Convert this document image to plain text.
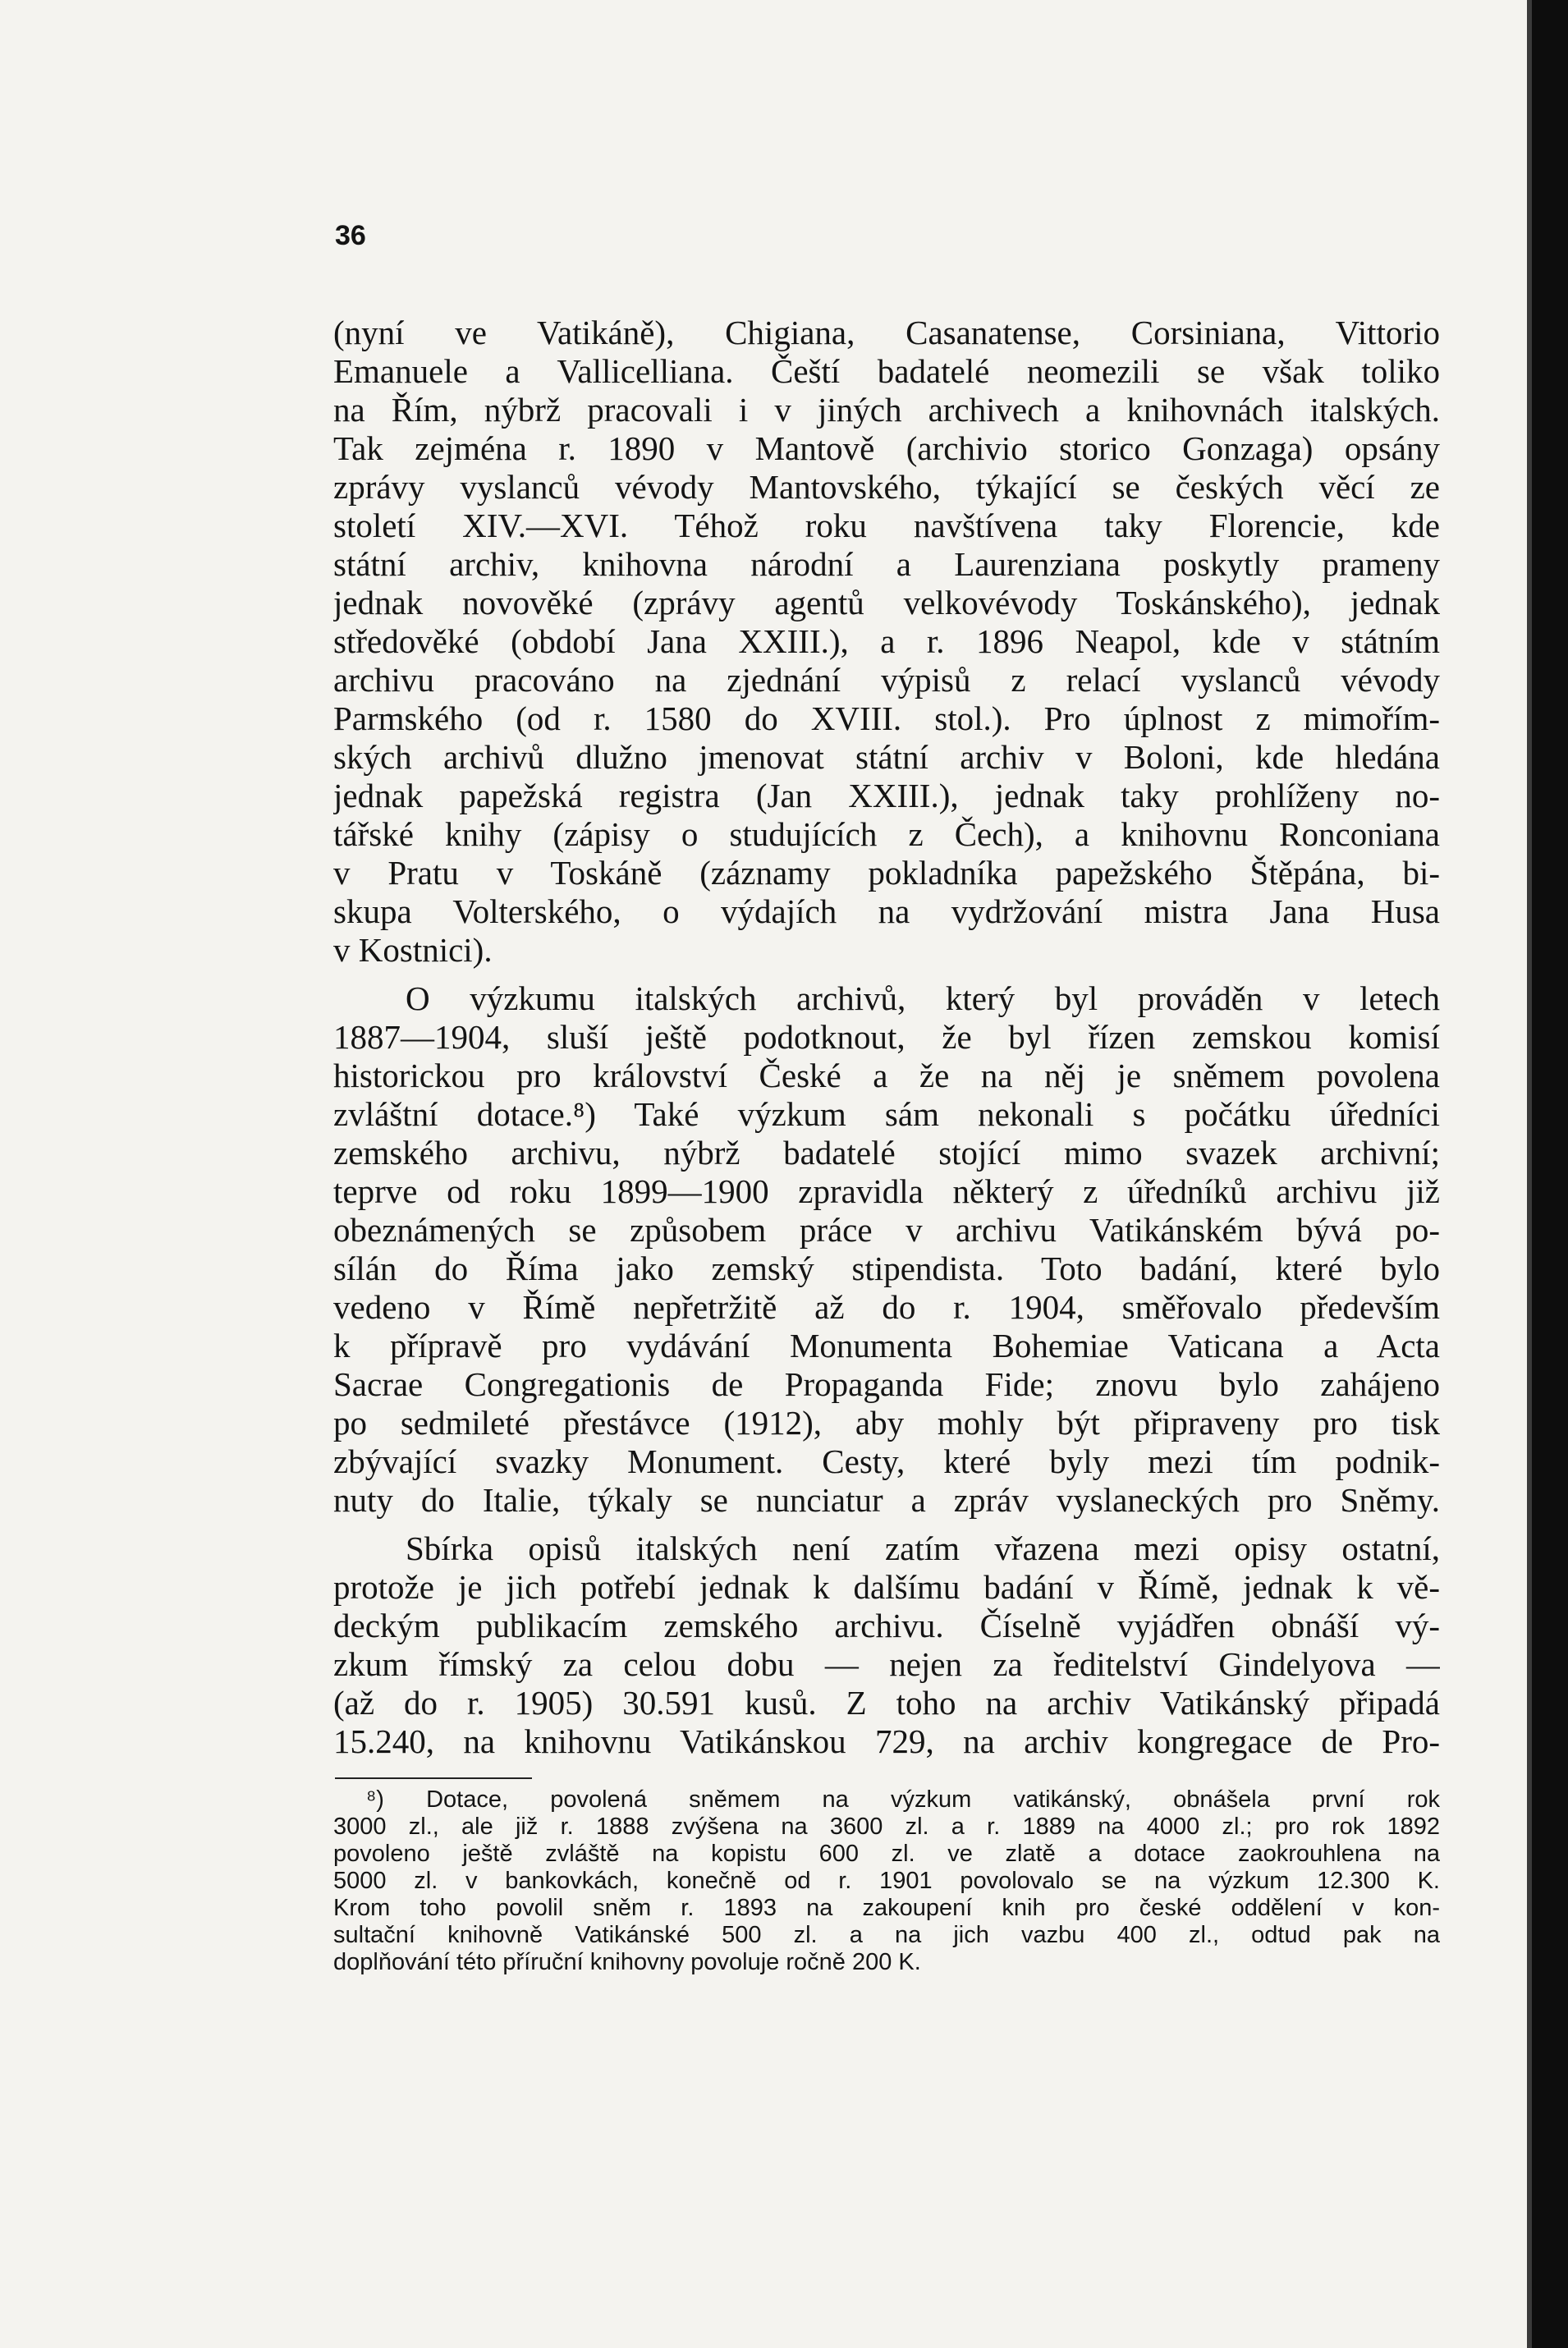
36
(nyní ve Vatikáně), Chigiana, Casanatense, Corsiniana, Vittorio
Emanuele a Vallicelliana. Čeští badatelé neomezili se však toliko
na Řím, nýbrž pracovali i v jiných archivech a knihovnách italských.
Tak zejména r. 1890 v Mantově (archivio storico Gonzaga) opsány
zprávy vyslanců vévody Mantovského, týkající se českých věcí ze
století XIV.—XVI. Téhož roku navštívena taky Florencie, kde
státní archiv, knihovna národní a Laurenziana poskytly prameny
jednak novověké (zprávy agentů velkovévody Toskánského), jednak
středověké (období Jana XXIII.), a r. 1896 Neapol, kde v státním
archivu pracováno na zjednání výpisů z relací vyslanců vévody
Parmského (od r. 1580 do XVIII. stol.). Pro úplnost z mimořím-
ských archivů dlužno jmenovat státní archiv v Boloni, kde hledána
jednak papežská registra (Jan XXIII.), jednak taky prohlíženy no-
tářské knihy (zápisy o studujících z Čech), a knihovnu Ronconiana
v Pratu v Toskáně (záznamy pokladníka papežského Štěpána, bi-
skupa Volterského, o výdajích na vydržování mistra Jana Husa
v Kostnici).
O výzkumu italských archivů, který byl prováděn v letech
1887—1904, sluší ještě podotknout, že byl řízen zemskou komisí
historickou pro království České a že na něj je sněmem povolena
zvláštní dotace.⁸) Také výzkum sám nekonali s počátku úředníci
zemského archivu, nýbrž badatelé stojící mimo svazek archivní;
teprve od roku 1899—1900 zpravidla některý z úředníků archivu již
obeznámených se způsobem práce v archivu Vatikánském bývá po-
sílán do Říma jako zemský stipendista. Toto badání, které bylo
vedeno v Římě nepřetržitě až do r. 1904, směřovalo především
k přípravě pro vydávání Monumenta Bohemiae Vaticana a Acta
Sacrae Congregationis de Propaganda Fide; znovu bylo zahájeno
po sedmileté přestávce (1912), aby mohly být připraveny pro tisk
zbývající svazky Monument. Cesty, které byly mezi tím podnik-
nuty do Italie, týkaly se nunciatur a zpráv vyslaneckých pro Sněmy.
Sbírka opisů italských není zatím vřazena mezi opisy ostatní,
protože je jich potřebí jednak k dalšímu badání v Římě, jednak k vě-
deckým publikacím zemského archivu. Číselně vyjádřen obnáší vý-
zkum římský za celou dobu — nejen za ředitelství Gindelyova —
(až do r. 1905) 30.591 kusů. Z toho na archiv Vatikánský připadá
15.240, na knihovnu Vatikánskou 729, na archiv kongregace de Pro-
⁸) Dotace, povolená sněmem na výzkum vatikánský, obnášela první rok
3000 zl., ale již r. 1888 zvýšena na 3600 zl. a r. 1889 na 4000 zl.; pro rok 1892
povoleno ještě zvláště na kopistu 600 zl. ve zlatě a dotace zaokrouhlena na
5000 zl. v bankovkách, konečně od r. 1901 povolovalo se na výzkum 12.300 K.
Krom toho povolil sněm r. 1893 na zakoupení knih pro české oddělení v kon-
sultační knihovně Vatikánské 500 zl. a na jich vazbu 400 zl., odtud pak na
doplňování této příruční knihovny povoluje ročně 200 K.
